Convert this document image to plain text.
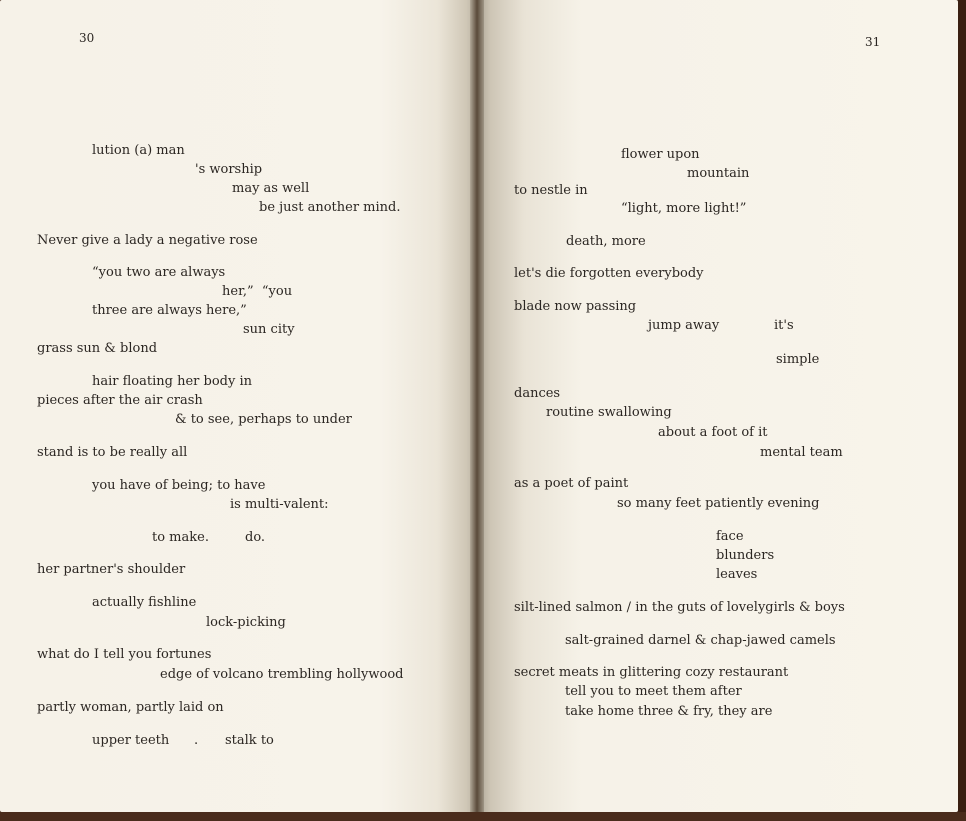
30
lution (a) man
's worship
may as well
be just another mind.
Never give a lady a negative rose
“you two are always
her,”  “you
three are always here,”
sun city
grass sun & blond
hair floating her body in
pieces after the air crash
& to see, perhaps to under
stand is to be really all
you have of being; to have
is multi-valent:
to make.	do.
her partner's shoulder
actually fishline
lock-picking
what do I tell you fortunes
edge of volcano trembling hollywood
partly woman, partly laid on
upper teeth . stalk to
31
flower upon
mountain
to nestle in
“light, more light!”
death, more
let's die forgotten everybody
blade now passing
jump away	it's
simple
dances
routine swallowing
about a foot of it
mental team
as a poet of paint
so many feet patiently evening
face
blunders
leaves
silt-lined salmon / in the guts of lovelygirls & boys
salt-grained darnel & chap-jawed camels
secret meats in glittering cozy restaurant
tell you to meet them after
take home three & fry, they are
